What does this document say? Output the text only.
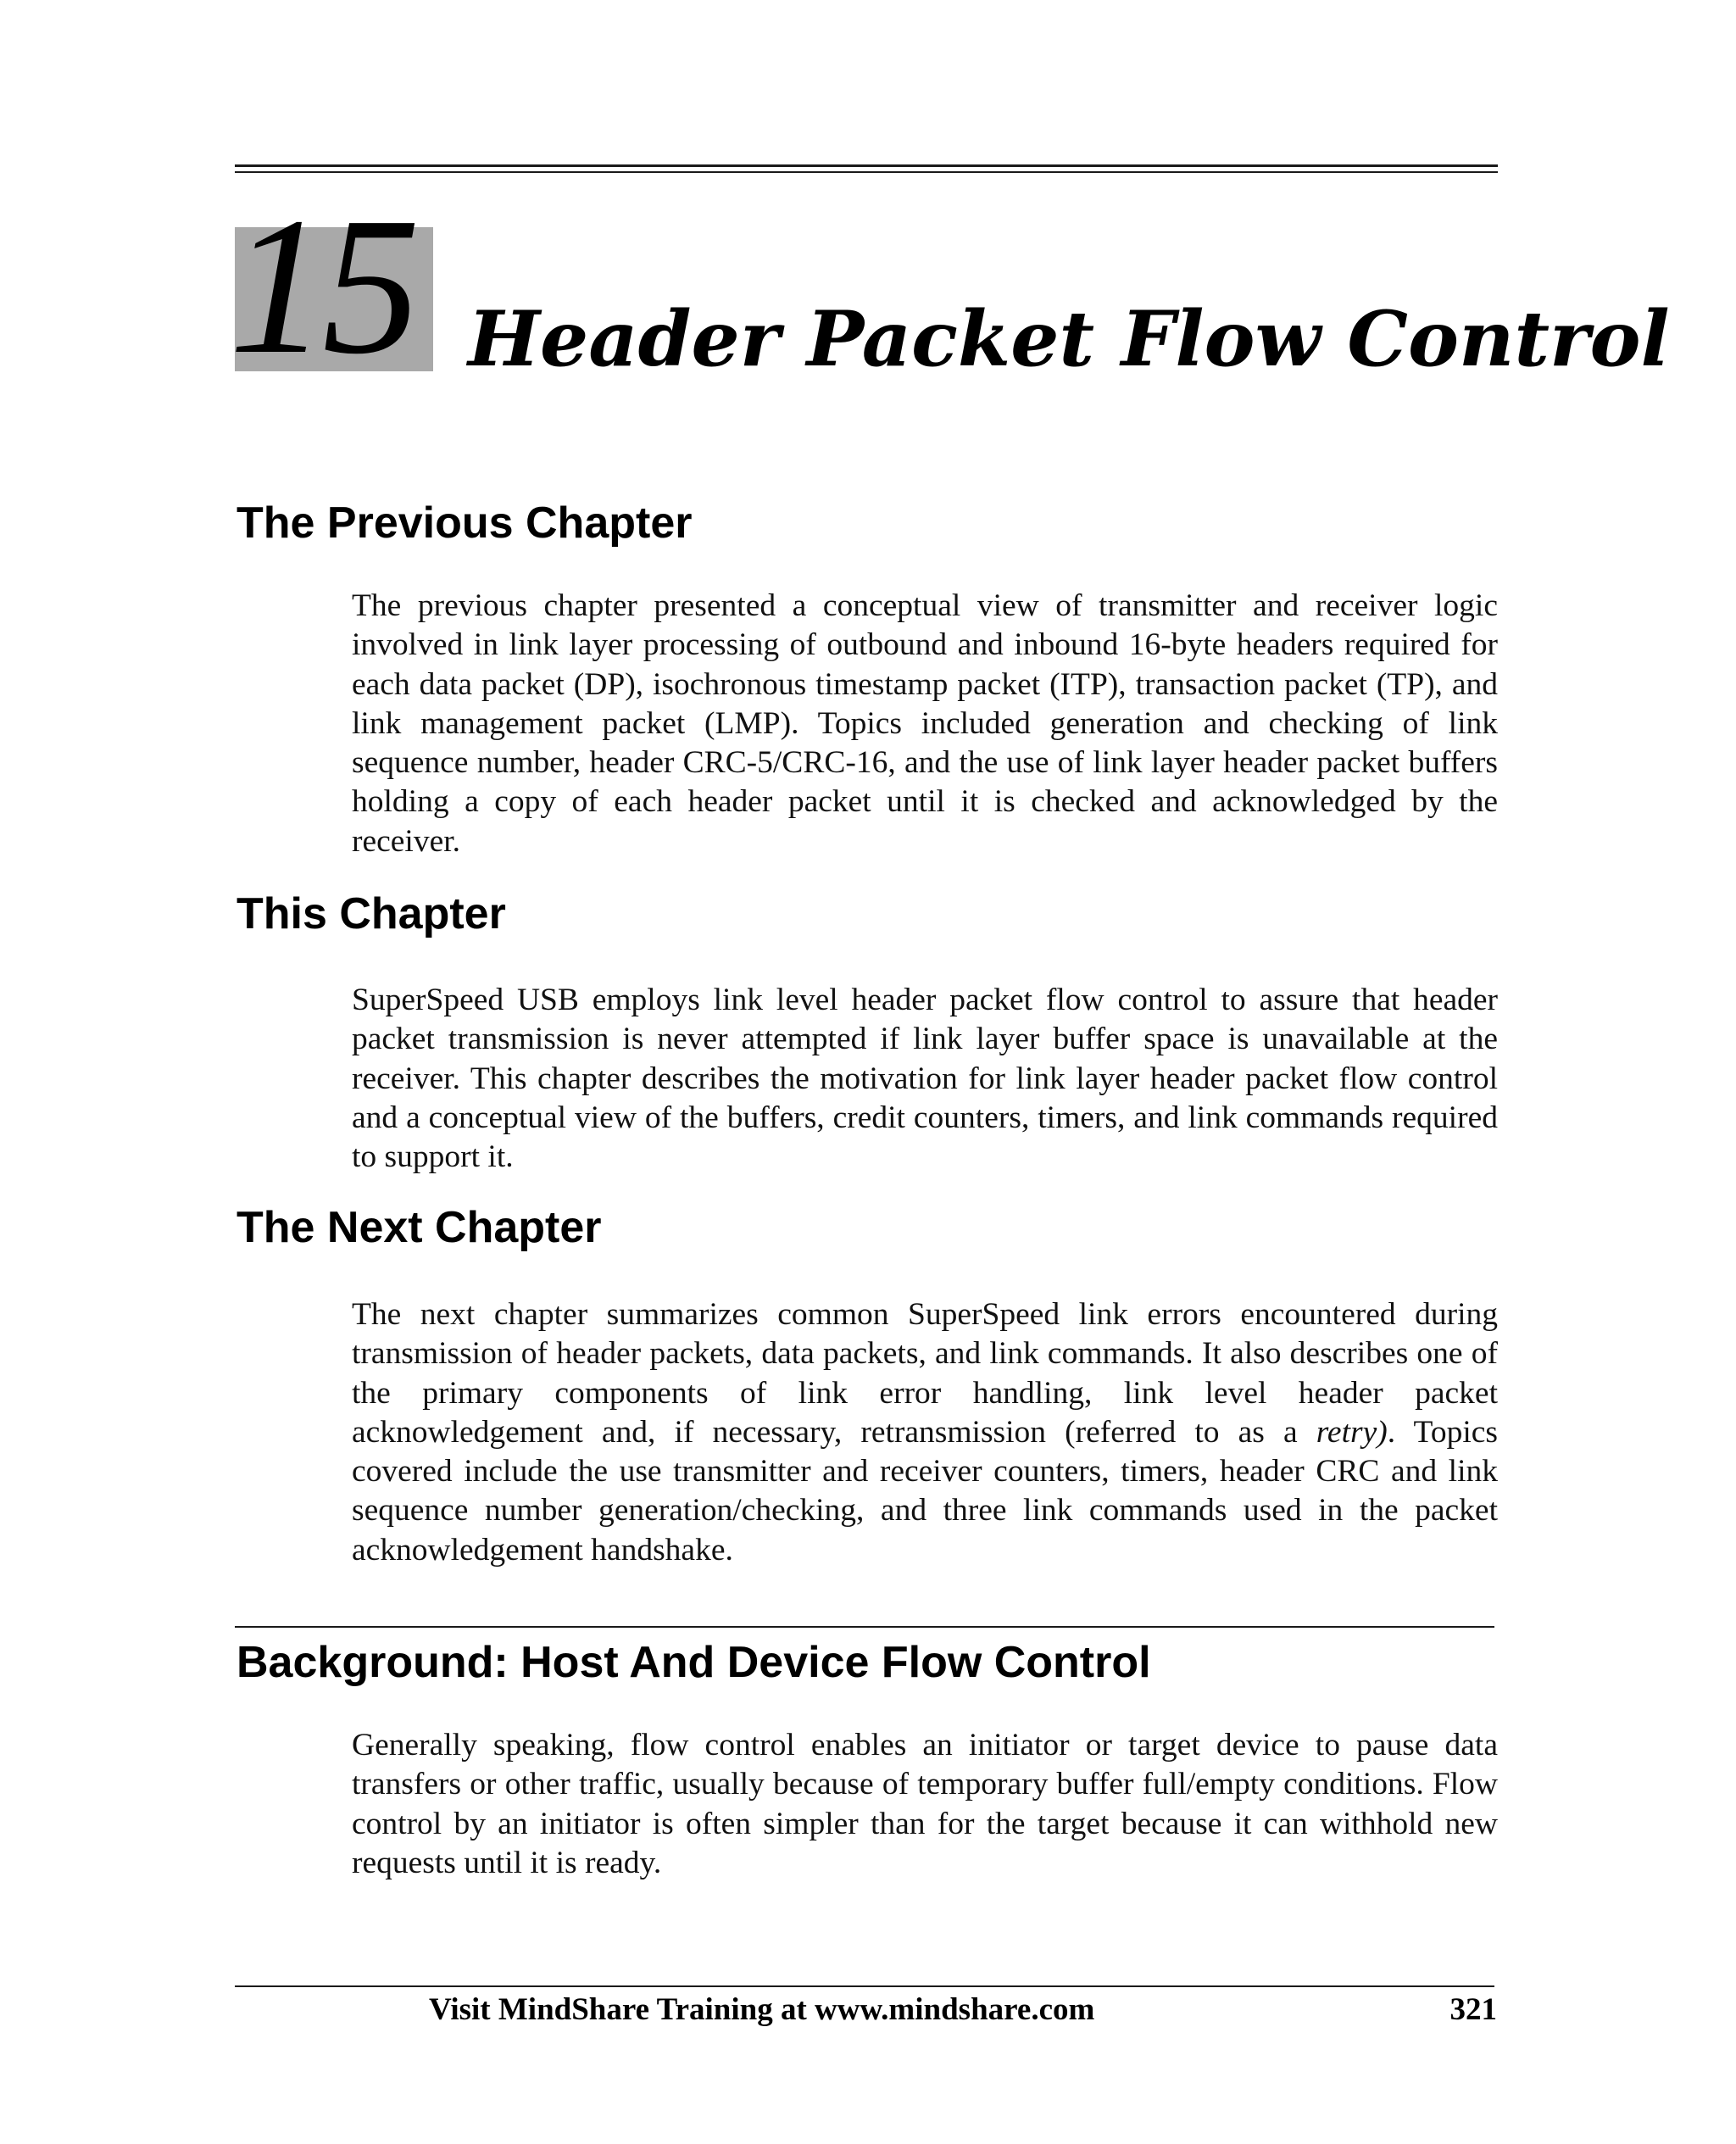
15 Header Packet Flow Control
The Previous Chapter

The previous chapter presented a conceptual view of transmitter and receiver logic involved in link layer processing of outbound and inbound 16-byte headers required for each data packet (DP), isochronous timestamp packet (ITP), transaction packet (TP), and link management packet (LMP). Topics included generation and checking of link sequence number, header CRC-5/CRC-16, and the use of link layer header packet buffers holding a copy of each header packet until it is checked and acknowledged by the receiver.

This Chapter

SuperSpeed USB employs link level header packet flow control to assure that header packet transmission is never attempted if link layer buffer space is unavailable at the receiver. This chapter describes the motivation for link layer header packet flow control and a conceptual view of the buffers, credit counters, timers, and link commands required to support it.

The Next Chapter

The next chapter summarizes common SuperSpeed link errors encountered during transmission of header packets, data packets, and link commands. It also describes one of the primary components of link error handling, link level header packet acknowledgement and, if necessary, retransmission (referred to as a retry). Topics covered include the use transmitter and receiver counters, timers, header CRC and link sequence number generation/checking, and three link commands used in the packet acknowledgement handshake.

Background: Host And Device Flow Control

Generally speaking, flow control enables an initiator or target device to pause data transfers or other traffic, usually because of temporary buffer full/empty conditions. Flow control by an initiator is often simpler than for the target because it can withhold new requests until it is ready.

Visit MindShare Training at www.mindshare.com	321
